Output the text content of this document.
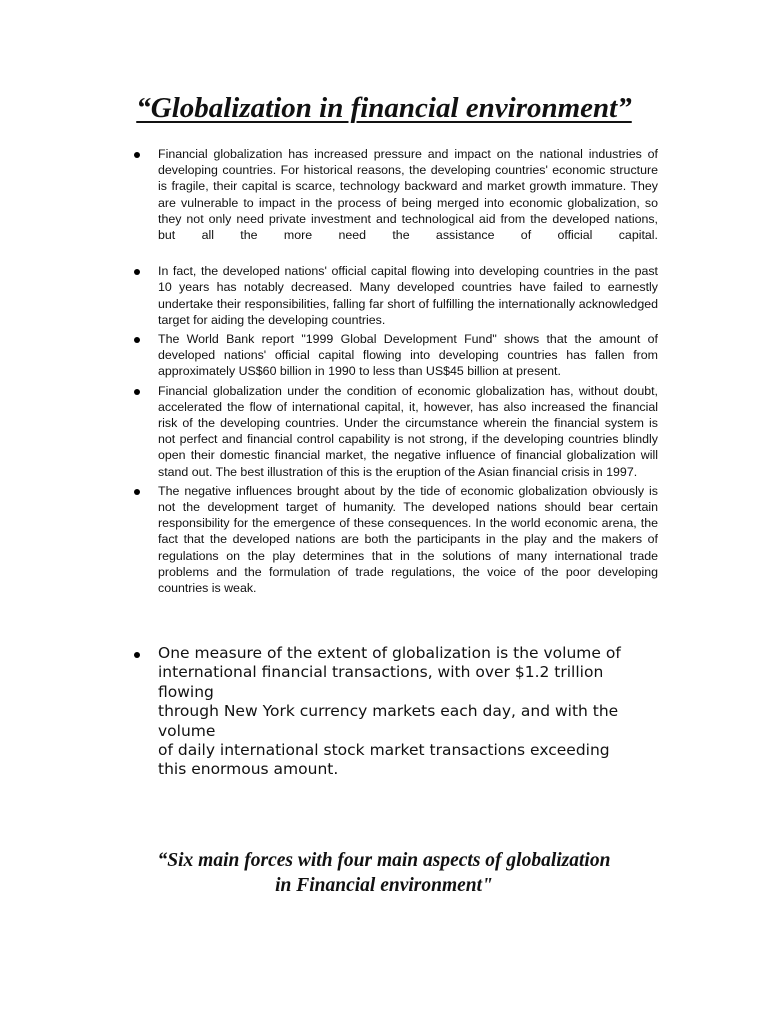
“Globalization in financial environment”
Financial globalization has increased pressure and impact on the national industries of developing countries. For historical reasons, the developing countries' economic structure is fragile, their capital is scarce, technology backward and market growth immature. They are vulnerable to impact in the process of being merged into economic globalization, so they not only need private investment and technological aid from the developed nations, but all the more need the assistance of official capital.
In fact, the developed nations' official capital flowing into developing countries in the past 10 years has notably decreased. Many developed countries have failed to earnestly undertake their responsibilities, falling far short of fulfilling the internationally acknowledged target for aiding the developing countries.
The World Bank report "1999 Global Development Fund" shows that the amount of developed nations' official capital flowing into developing countries has fallen from approximately US$60 billion in 1990 to less than US$45 billion at present.
Financial globalization under the condition of economic globalization has, without doubt, accelerated the flow of international capital, it, however, has also increased the financial risk of the developing countries. Under the circumstance wherein the financial system is not perfect and financial control capability is not strong, if the developing countries blindly open their domestic financial market, the negative influence of financial globalization will stand out. The best illustration of this is the eruption of the Asian financial crisis in 1997.
The negative influences brought about by the tide of economic globalization obviously is not the development target of humanity. The developed nations should bear certain responsibility for the emergence of these consequences. In the world economic arena, the fact that the developed nations are both the participants in the play and the makers of regulations on the play determines that in the solutions of many international trade problems and the formulation of trade regulations, the voice of the poor developing countries is weak.
One measure of the extent of globalization is the volume of
international financial transactions, with over $1.2 trillion
flowing
through New York currency markets each day, and with the
volume
of daily international stock market transactions exceeding
this enormous amount.
“Six main forces with four main aspects of globalization
in Financial environment"
